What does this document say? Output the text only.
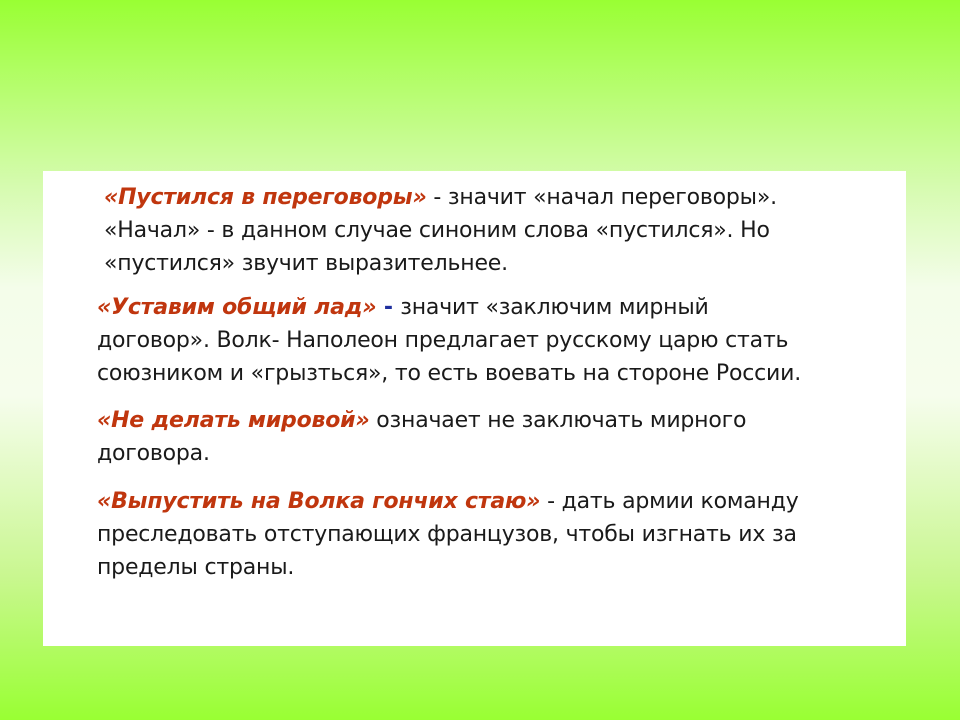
«Пустился в переговоры» - значит «начал переговоры».
«Начал» - в данном случае синоним слова «пустился». Но
«пустился» звучит выразительнее.

«Уставим общий лад» - значит «заключим мирный
договор». Волк- Наполеон предлагает русскому царю стать
союзником и «грызться», то есть воевать на стороне России.

«Не делать мировой» означает не заключать мирного
договора.

«Выпустить на Волка гончих стаю» - дать армии команду
преследовать отступающих французов, чтобы изгнать их за
пределы страны.
